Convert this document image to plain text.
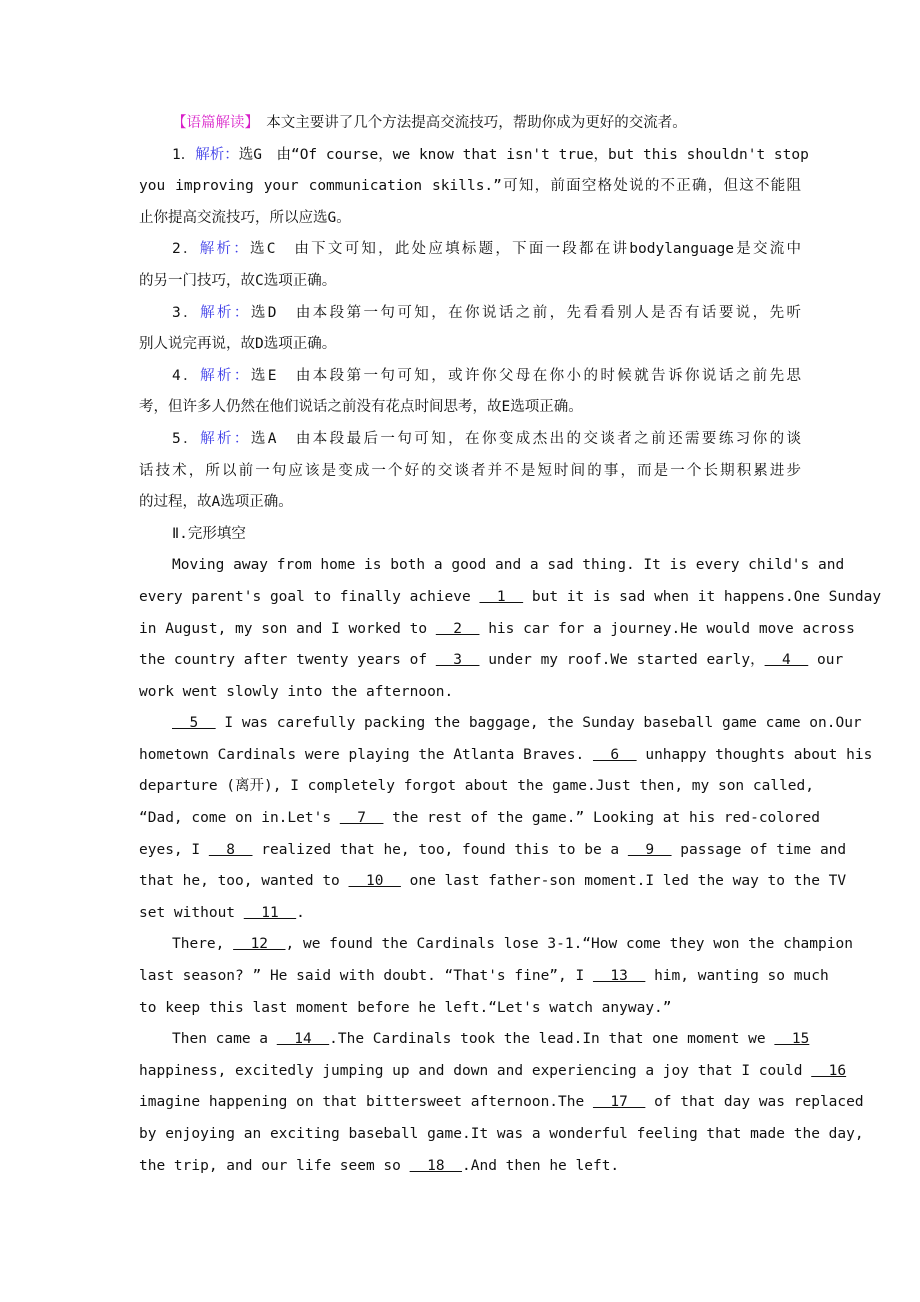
【语篇解读】　本文主要讲了几个方法提高交流技巧，帮助你成为更好的交流者。
1．解析：选G　由“Of course，we know that isn't true，but this shouldn't stop
you improving your communication skills.”可知，前面空格处说的不正确，但这不能阻
止你提高交流技巧，所以应选G。
2．解析：选C　由下文可知，此处应填标题，下面一段都在讲bodylanguage是交流中
的另一门技巧，故C选项正确。
3．解析：选D　由本段第一句可知，在你说话之前，先看看别人是否有话要说，先听
别人说完再说，故D选项正确。
4．解析：选E　由本段第一句可知，或许你父母在你小的时候就告诉你说话之前先思
考，但许多人仍然在他们说话之前没有花点时间思考，故E选项正确。
5．解析：选A　由本段最后一句可知，在你变成杰出的交谈者之前还需要练习你的谈
话技术，所以前一句应该是变成一个好的交谈者并不是短时间的事，而是一个长期积累进步
的过程，故A选项正确。
Ⅱ.完形填空
Moving away from home is both a good and a sad thing. It is every child's and
every parent's goal to finally achieve   1   but it is sad when it happens.One Sunday
in August, my son and I worked to   2   his car for a journey.He would move across
the country after twenty years of   3   under my roof.We started early，  4   our
work went slowly into the afternoon.
5   I was carefully packing the baggage, the Sunday baseball game came on.Our
hometown Cardinals were playing the Atlanta Braves.   6   unhappy thoughts about his
departure (离开), I completely forgot about the game.Just then, my son called,
“Dad, come on in.Let's   7   the rest of the game.” Looking at his red-colored
eyes, I   8   realized that he, too, found this to be a   9   passage of time and
that he, too, wanted to   10   one last father-son moment.I led the way to the TV
set without   11  .
There,   12  , we found the Cardinals lose 3-1.“How come they won the champion
last season? ” He said with doubt. “That's fine”, I   13   him, wanting so much
to keep this last moment before he left.“Let's watch anyway.”
Then came a   14  .The Cardinals took the lead.In that one moment we   15
happiness, excitedly jumping up and down and experiencing a joy that I could   16
imagine happening on that bittersweet afternoon.The   17   of that day was replaced
by enjoying an exciting baseball game.It was a wonderful feeling that made the day,
the trip, and our life seem so   18  .And then he left.
